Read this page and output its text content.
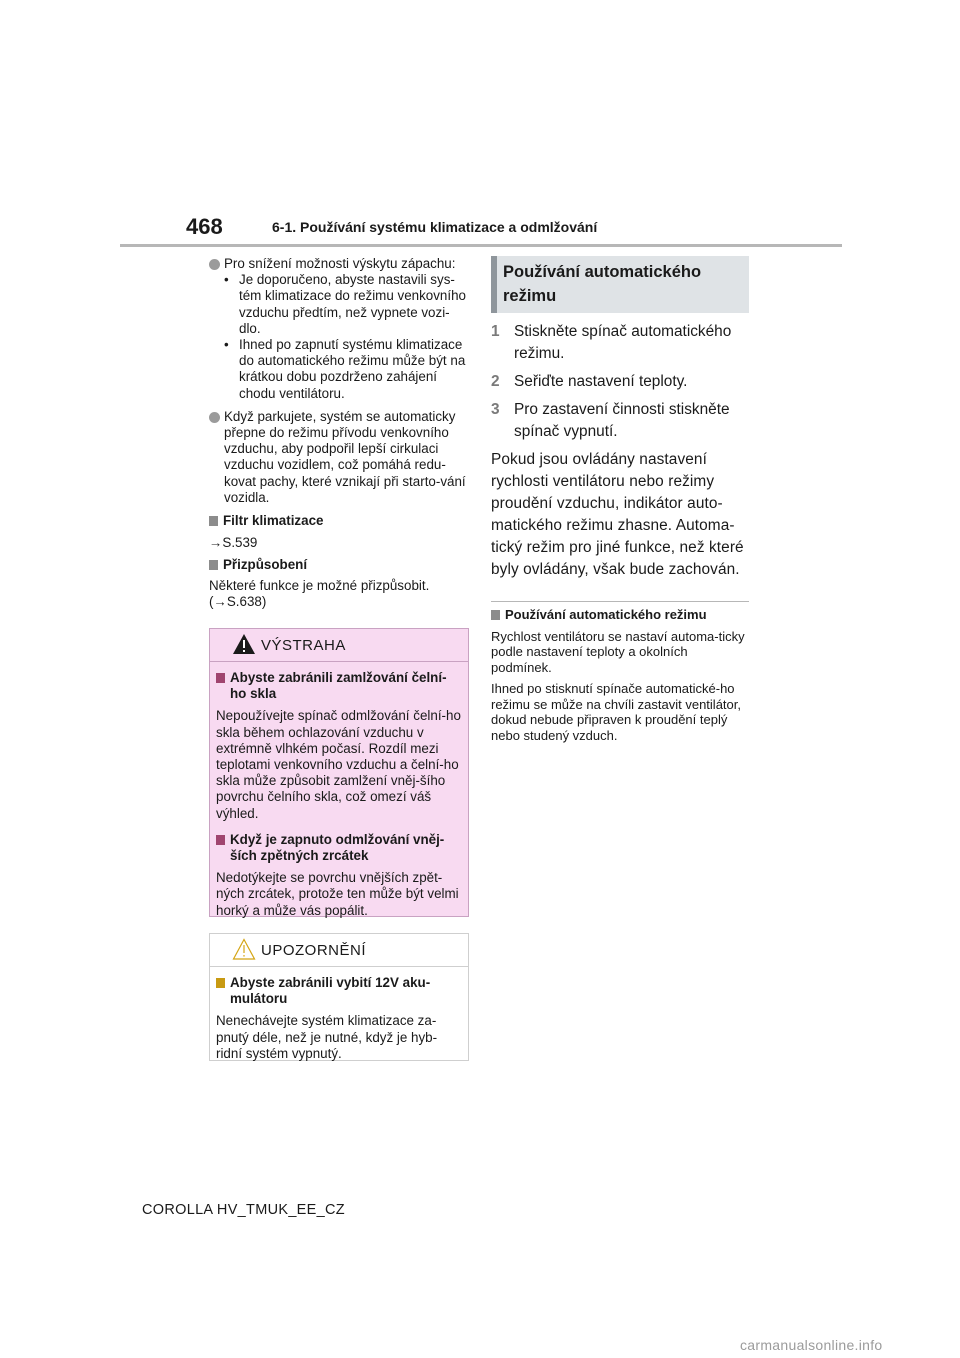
468	6-1. Používání systému klimatizace a odmlžování
Pro snížení možnosti výskytu zápachu:
• Je doporučeno, abyste nastavili sys-tém klimatizace do režimu venkovního vzduchu předtím, než vypnete vozi-dlo.
• Ihned po zapnutí systému klimatizace do automatického režimu může být na krátkou dobu pozdrženo zahájení chodu ventilátoru.
Když parkujete, systém se automaticky přepne do režimu přívodu venkovního vzduchu, aby podpořil lepší cirkulaci vzduchu vozidlem, což pomáhá redu-kovat pachy, které vznikají při starto-vání vozidla.
Filtr klimatizace
→S.539
Přizpůsobení
Některé funkce je možné přizpůsobit. (→S.638)
VÝSTRAHA
Abyste zabránili zamlžování čelní-ho skla
Nepoužívejte spínač odmlžování čelní-ho skla během ochlazování vzduchu v extrémně vlhkém počasí. Rozdíl mezi teplotami venkovního vzduchu a čelní-ho skla může způsobit zamlžení vněj-šího povrchu čelního skla, což omezí váš výhled.
Když je zapnuto odmlžování vněj-ších zpětných zrcátek
Nedotýkejte se povrchu vnějších zpět-ných zrcátek, protože ten může být velmi horký a může vás popálit.
UPOZORNĚNÍ
Abyste zabránili vybití 12V aku-mulátoru
Nenechávejte systém klimatizace za-pnutý déle, než je nutné, když je hyb-ridní systém vypnutý.
Používání automatického režimu
1 Stiskněte spínač automatického režimu.
2 Seřiďte nastavení teploty.
3 Pro zastavení činnosti stiskněte spínač vypnutí.
Pokud jsou ovládány nastavení rychlosti ventilátoru nebo režimy proudění vzduchu, indikátor auto-matického režimu zhasne. Automa-tický režim pro jiné funkce, než které byly ovládány, však bude zachován.
Používání automatického režimu
Rychlost ventilátoru se nastaví automa-ticky podle nastavení teploty a okolních podmínek.
Ihned po stisknutí spínače automatické-ho režimu se může na chvíli zastavit ventilátor, dokud nebude připraven k proudění teplý nebo studený vzduch.
COROLLA HV_TMUK_EE_CZ
carmanualsonline.info
